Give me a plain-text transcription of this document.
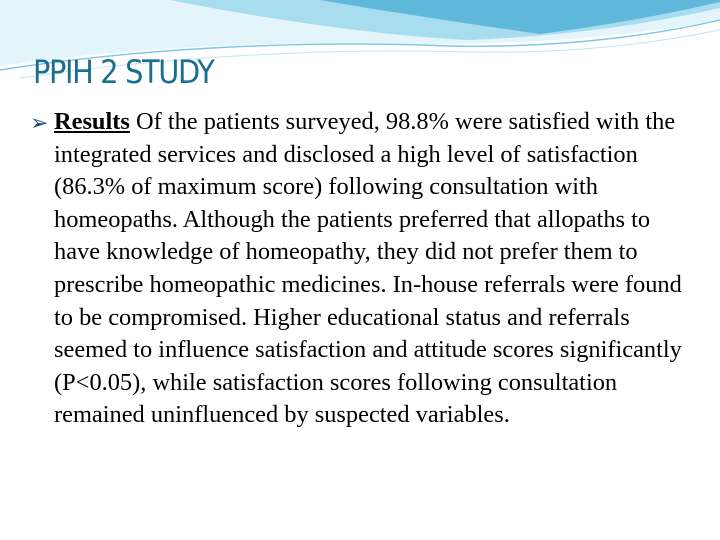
PPIH 2 STUDY
➢ Results Of the patients surveyed, 98.8% were satisfied with the integrated services and disclosed a high level of satisfaction (86.3% of maximum score) following consultation with homeopaths. Although the patients preferred that allopaths to have knowledge of homeopathy, they did not prefer them to prescribe homeopathic medicines. In-house referrals were found to be compromised. Higher educational status and referrals seemed to influence satisfaction and attitude scores significantly (P<0.05), while satisfaction scores following consultation remained uninfluenced by suspected variables.
